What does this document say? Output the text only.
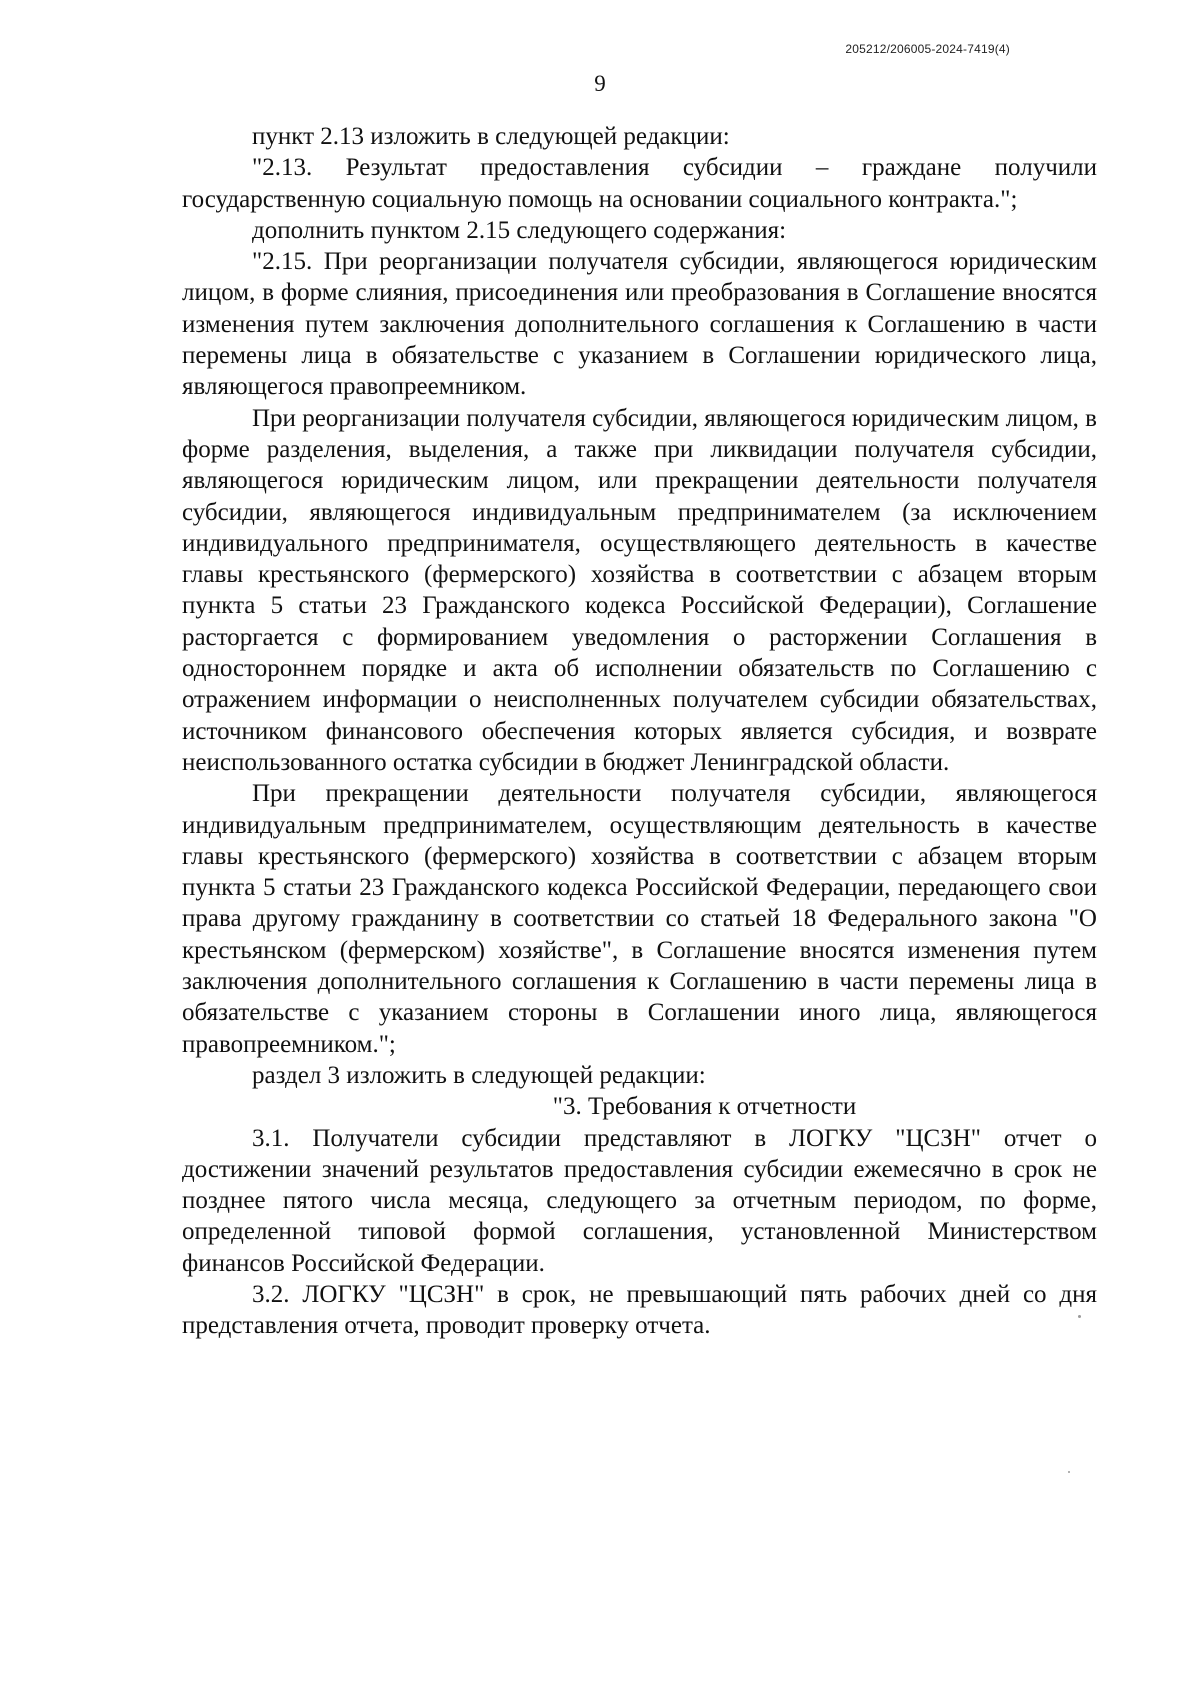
205212/206005-2024-7419(4)
9

пункт 2.13 изложить в следующей редакции:

"2.13. Результат предоставления субсидии – граждане получили государственную социальную помощь на основании социального контракта.";

дополнить пунктом 2.15 следующего содержания:

"2.15. При реорганизации получателя субсидии, являющегося юридическим лицом, в форме слияния, присоединения или преобразования в Соглашение вносятся изменения путем заключения дополнительного соглашения к Соглашению в части перемены лица в обязательстве с указанием в Соглашении юридического лица, являющегося правопреемником.

При реорганизации получателя субсидии, являющегося юридическим лицом, в форме разделения, выделения, а также при ликвидации получателя субсидии, являющегося юридическим лицом, или прекращении деятельности получателя субсидии, являющегося индивидуальным предпринимателем (за исключением индивидуального предпринимателя, осуществляющего деятельность в качестве главы крестьянского (фермерского) хозяйства в соответствии с абзацем вторым пункта 5 статьи 23 Гражданского кодекса Российской Федерации), Соглашение расторгается с формированием уведомления о расторжении Соглашения в одностороннем порядке и акта об исполнении обязательств по Соглашению с отражением информации о неисполненных получателем субсидии обязательствах, источником финансового обеспечения которых является субсидия, и возврате неиспользованного остатка субсидии в бюджет Ленинградской области.

При прекращении деятельности получателя субсидии, являющегося индивидуальным предпринимателем, осуществляющим деятельность в качестве главы крестьянского (фермерского) хозяйства в соответствии с абзацем вторым пункта 5 статьи 23 Гражданского кодекса Российской Федерации, передающего свои права другому гражданину в соответствии со статьей 18 Федерального закона "О крестьянском (фермерском) хозяйстве", в Соглашение вносятся изменения путем заключения дополнительного соглашения к Соглашению в части перемены лица в обязательстве с указанием стороны в Соглашении иного лица, являющегося правопреемником.";

раздел 3 изложить в следующей редакции:

"3. Требования к отчетности

3.1. Получатели субсидии представляют в ЛОГКУ "ЦСЗН" отчет о достижении значений результатов предоставления субсидии ежемесячно в срок не позднее пятого числа месяца, следующего за отчетным периодом, по форме, определенной типовой формой соглашения, установленной Министерством финансов Российской Федерации.

3.2. ЛОГКУ "ЦСЗН" в срок, не превышающий пять рабочих дней со дня представления отчета, проводит проверку отчета.
